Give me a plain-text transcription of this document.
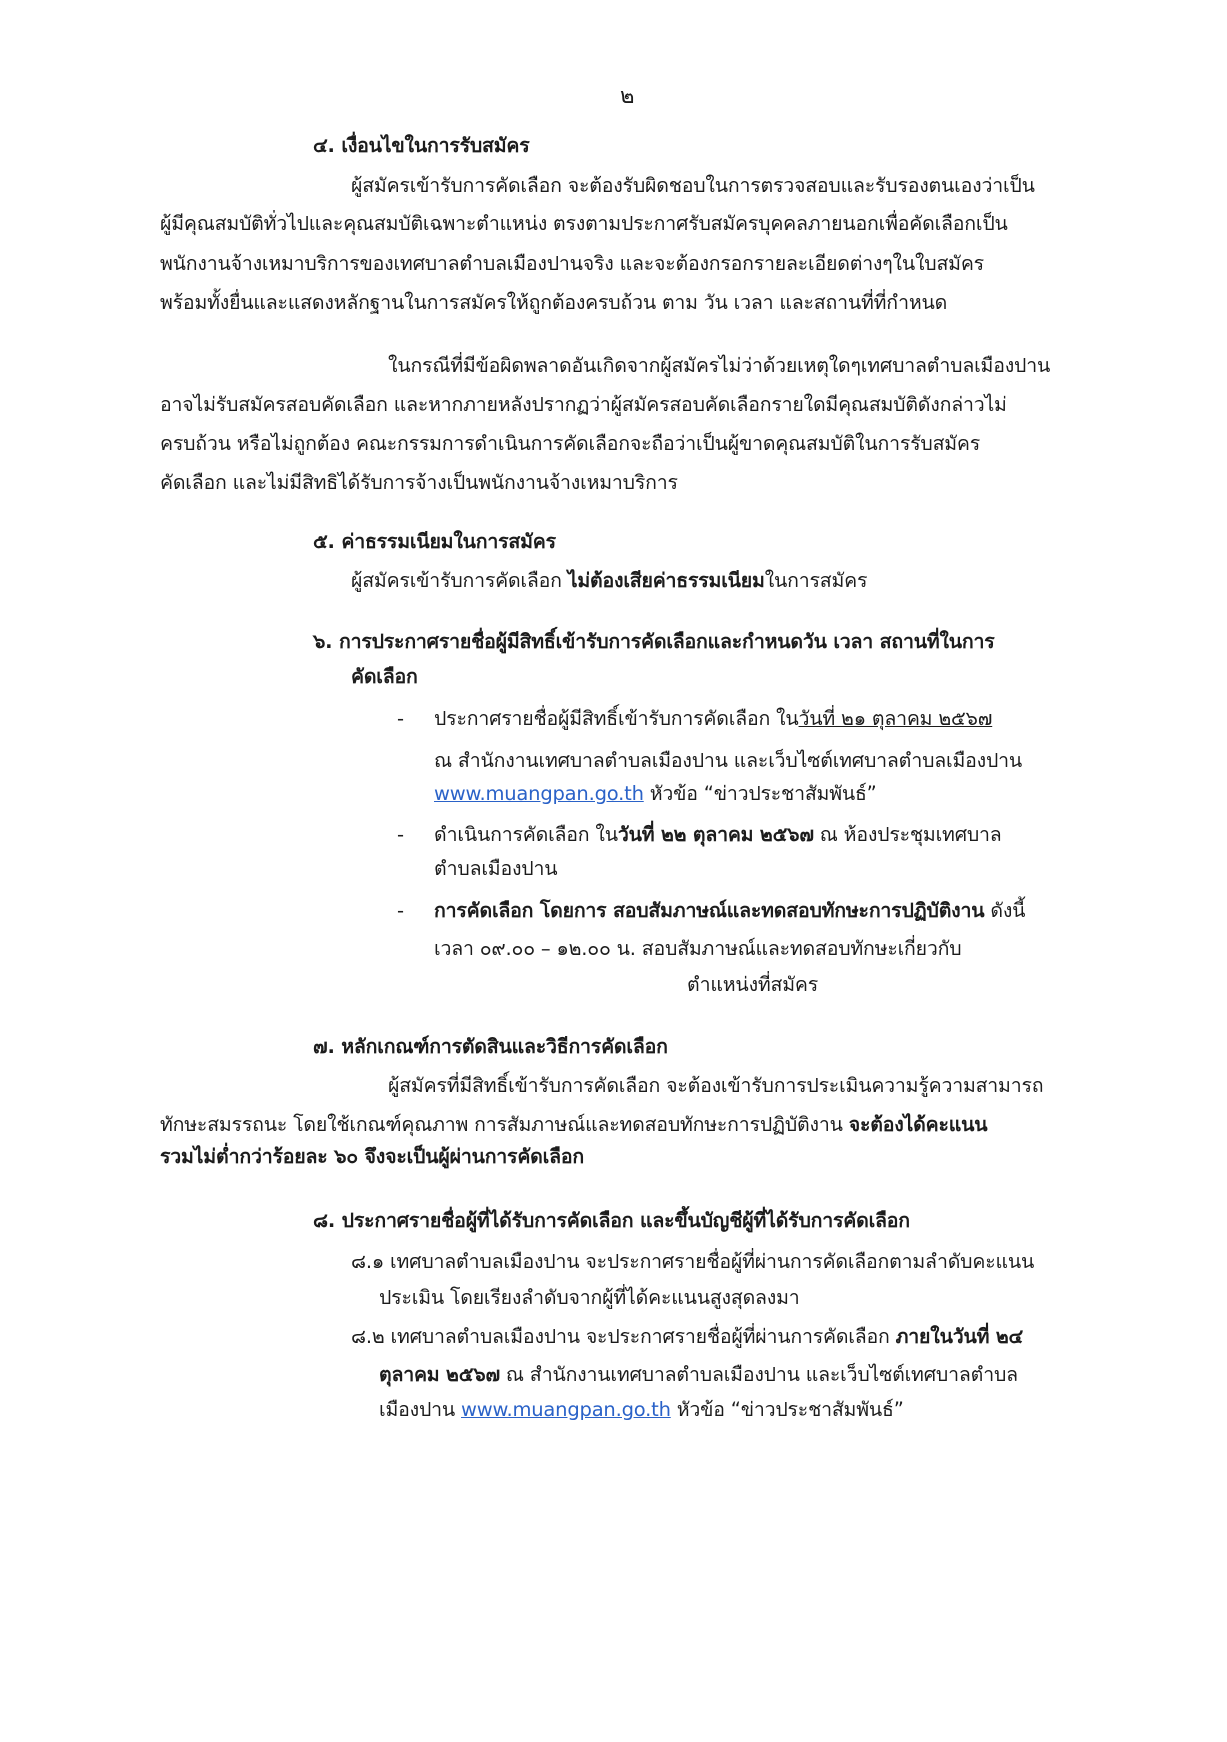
๒
๔. เงื่อนไขในการรับสมัคร
ผู้สมัครเข้ารับการคัดเลือก จะต้องรับผิดชอบในการตรวจสอบและรับรองตนเองว่าเป็น
ผู้มีคุณสมบัติทั่วไปและคุณสมบัติเฉพาะตำแหน่ง ตรงตามประกาศรับสมัครบุคคลภายนอกเพื่อคัดเลือกเป็น
พนักงานจ้างเหมาบริการของเทศบาลตำบลเมืองปานจริง และจะต้องกรอกรายละเอียดต่างๆในใบสมัคร
พร้อมทั้งยื่นและแสดงหลักฐานในการสมัครให้ถูกต้องครบถ้วน ตาม วัน เวลา และสถานที่ที่กำหนด
ในกรณีที่มีข้อผิดพลาดอันเกิดจากผู้สมัครไม่ว่าด้วยเหตุใดๆเทศบาลตำบลเมืองปาน
อาจไม่รับสมัครสอบคัดเลือก และหากภายหลังปรากฏว่าผู้สมัครสอบคัดเลือกรายใดมีคุณสมบัติดังกล่าวไม่
ครบถ้วน หรือไม่ถูกต้อง คณะกรรมการดำเนินการคัดเลือกจะถือว่าเป็นผู้ขาดคุณสมบัติในการรับสมัคร
คัดเลือก และไม่มีสิทธิได้รับการจ้างเป็นพนักงานจ้างเหมาบริการ
๕. ค่าธรรมเนียมในการสมัคร
ผู้สมัครเข้ารับการคัดเลือก ไม่ต้องเสียค่าธรรมเนียมในการสมัคร
๖. การประกาศรายชื่อผู้มีสิทธิ์เข้ารับการคัดเลือกและกำหนดวัน เวลา สถานที่ในการ
คัดเลือก
- ประกาศรายชื่อผู้มีสิทธิ์เข้ารับการคัดเลือก ในวันที่ ๒๑ ตุลาคม ๒๕๖๗
ณ สำนักงานเทศบาลตำบลเมืองปาน และเว็บไซต์เทศบาลตำบลเมืองปาน
www.muangpan.go.th หัวข้อ “ข่าวประชาสัมพันธ์”
- ดำเนินการคัดเลือก ในวันที่ ๒๒ ตุลาคม ๒๕๖๗ ณ ห้องประชุมเทศบาล
ตำบลเมืองปาน
- การคัดเลือก โดยการ สอบสัมภาษณ์และทดสอบทักษะการปฏิบัติงาน ดังนี้
เวลา ๐๙.๐๐ – ๑๒.๐๐ น. สอบสัมภาษณ์และทดสอบทักษะเกี่ยวกับ
ตำแหน่งที่สมัคร
๗. หลักเกณฑ์การตัดสินและวิธีการคัดเลือก
ผู้สมัครที่มีสิทธิ์เข้ารับการคัดเลือก จะต้องเข้ารับการประเมินความรู้ความสามารถ
ทักษะสมรรถนะ โดยใช้เกณฑ์คุณภาพ การสัมภาษณ์และทดสอบทักษะการปฏิบัติงาน จะต้องได้คะแนน
รวมไม่ต่ำกว่าร้อยละ ๖๐ จึงจะเป็นผู้ผ่านการคัดเลือก
๘. ประกาศรายชื่อผู้ที่ได้รับการคัดเลือก และขึ้นบัญชีผู้ที่ได้รับการคัดเลือก
๘.๑ เทศบาลตำบลเมืองปาน จะประกาศรายชื่อผู้ที่ผ่านการคัดเลือกตามลำดับคะแนน
ประเมิน โดยเรียงลำดับจากผู้ที่ได้คะแนนสูงสุดลงมา
๘.๒ เทศบาลตำบลเมืองปาน จะประกาศรายชื่อผู้ที่ผ่านการคัดเลือก ภายในวันที่ ๒๔
ตุลาคม ๒๕๖๗ ณ สำนักงานเทศบาลตำบลเมืองปาน และเว็บไซต์เทศบาลตำบล
เมืองปาน www.muangpan.go.th หัวข้อ “ข่าวประชาสัมพันธ์”
